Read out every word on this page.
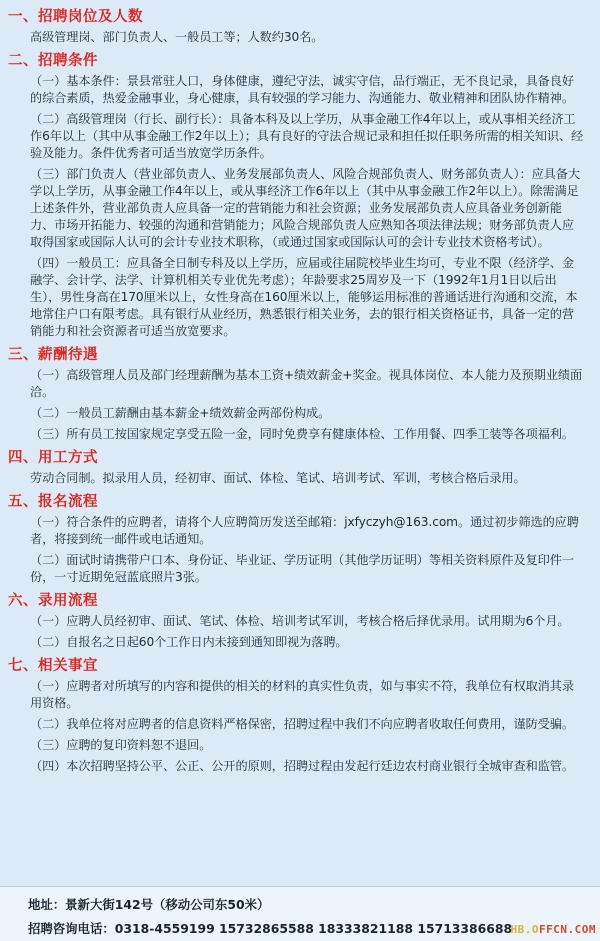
一、招聘岗位及人数
高级管理岗、部门负责人、一般员工等；人数约30名。
二、招聘条件
（一）基本条件：景县常驻人口，身体健康，遵纪守法，诚实守信，品行端正，无不良记录，具备良好的综合素质，热爱金融事业，身心健康，具有较强的学习能力、沟通能力、敬业精神和团队协作精神。
（二）高级管理岗（行长、副行长）：具备本科及以上学历，从事金融工作4年以上，或从事相关经济工作6年以上（其中从事金融工作2年以上）；具有良好的守法合规记录和担任拟任职务所需的相关知识、经验及能力。条件优秀者可适当放宽学历条件。
（三）部门负责人（营业部负责人、业务发展部负责人、风险合规部负责人、财务部负责人）：应具备大学以上学历，从事金融工作4年以上，或从事经济工作6年以上（其中从事金融工作2年以上）。除需满足上述条件外，营业部负责人应具备一定的营销能力和社会资源；业务发展部负责人应具备业务创新能力、市场开拓能力、较强的沟通和营销能力；风险合规部负责人应熟知各项法律法规；财务部负责人应取得国家或国际人认可的会计专业技术职称，（或通过国家或国际认可的会计专业技术资格考试）。
（四）一般员工：应具备全日制专科及以上学历，应届或往届院校毕业生均可，专业不限（经济学、金融学、会计学、法学、计算机相关专业优先考虑）；年龄要求25周岁及一下（1992年1月1日以后出生），男性身高在170厘米以上，女性身高在160厘米以上，能够运用标准的普通话进行沟通和交流，本地常住户口有限考虑。具有银行从业经历，熟悉银行相关业务，去的银行相关资格证书，具备一定的营销能力和社会资源者可适当放宽要求。
三、薪酬待遇
（一）高级管理人员及部门经理薪酬为基本工资+绩效薪金+奖金。视具体岗位、本人能力及预期业绩面洽。
（二）一般员工薪酬由基本薪金+绩效薪金两部份构成。
（三）所有员工按国家规定享受五险一金，同时免费享有健康体检、工作用餐、四季工装等各项福利。
四、用工方式
劳动合同制。拟录用人员，经初审、面试、体检、笔试、培训考试、军训，考核合格后录用。
五、报名流程
（一）符合条件的应聘者，请将个人应聘简历发送至邮箱：jxfyczyh@163.com。通过初步筛选的应聘者，将接到统一邮件或电话通知。
（二）面试时请携带户口本、身份证、毕业证、学历证明（其他学历证明）等相关资料原件及复印件一份，一寸近期免冠蓝底照片3张。
六、录用流程
（一）应聘人员经初审、面试、笔试、体检、培训考试军训，考核合格后择优录用。试用期为6个月。
（二）自报名之日起60个工作日内未接到通知即视为落聘。
七、相关事宜
（一）应聘者对所填写的内容和提供的相关的材料的真实性负责，如与事实不符，我单位有权取消其录用资格。
（二）我单位将对应聘者的信息资料严格保密，招聘过程中我们不向应聘者收取任何费用，谨防受骗。
（三）应聘的复印资料恕不退回。
（四）本次招聘坚持公平、公正、公开的原则，招聘过程由发起行廷边农村商业银行全城审查和监管。
地址：景新大街142号（移动公司东50米）
招聘咨询电话：0318-4559199 15732865588 18333821188 15713386688
HB.OFFCN.COM
